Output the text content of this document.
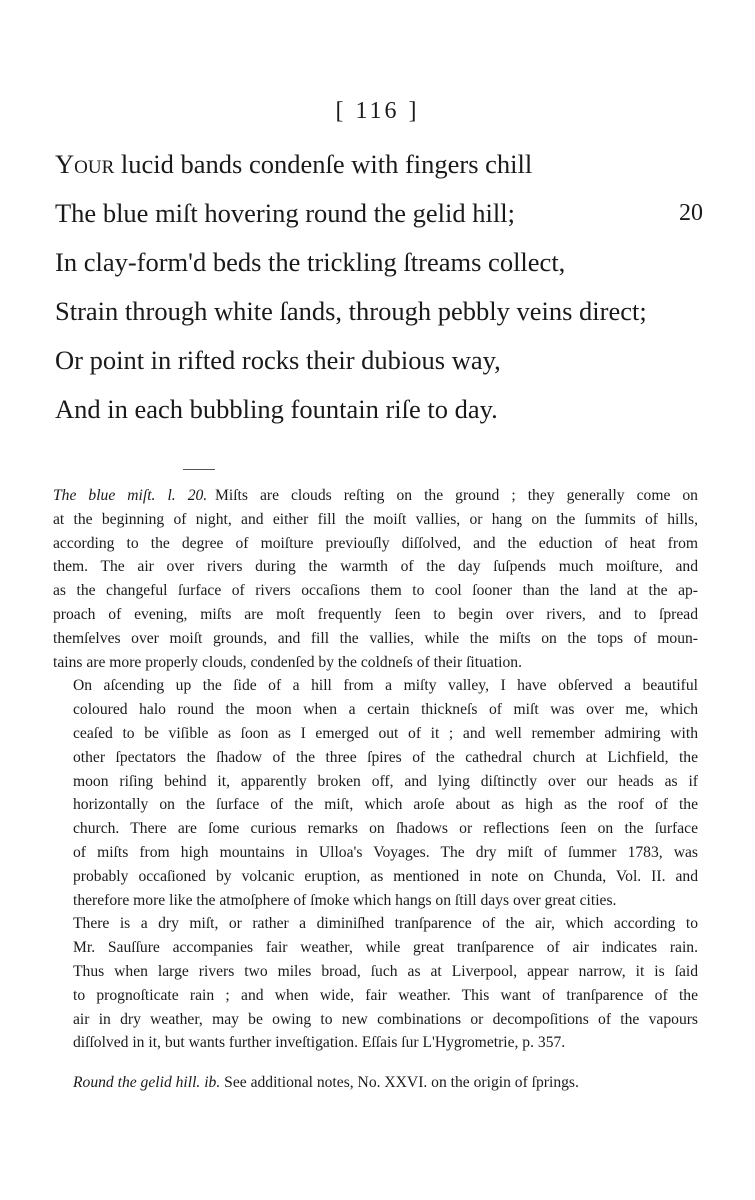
[ 116 ]
Your lucid bands condenſe with fingers chill
The blue miſt hovering round the gelid hill;	20
In clay-form'd beds the trickling ſtreams collect,
Strain through white ſands, through pebbly veins direct;
Or point in rifted rocks their dubious way,
And in each bubbling fountain riſe to day.

The blue miſt. l. 20.  Miſts are clouds reſting on the ground ; they generally come on
at the beginning of night, and either fill the moiſt vallies, or hang on the ſummits of hills,
according to the degree of moiſture previouſly diſſolved, and the eduction of heat from
them. The air over rivers during the warmth of the day ſuſpends much moiſture, and
as the changeful ſurface of rivers occaſions them to cool ſooner than the land at the ap-
proach of evening, miſts are moſt frequently ſeen to begin over rivers, and to ſpread
themſelves over moiſt grounds, and fill the vallies, while the miſts on the tops of moun-
tains are more properly clouds, condenſed by the coldneſs of their ſituation.

On aſcending up the ſide of a hill from a miſty valley, I have obſerved a beautiful
coloured halo round the moon when a certain thickneſs of miſt was over me, which
ceaſed to be viſible as ſoon as I emerged out of it ; and well remember admiring with
other ſpectators the ſhadow of the three ſpires of the cathedral church at Lichfield, the
moon riſing behind it, apparently broken off, and lying diſtinctly over our heads as if
horizontally on the ſurface of the miſt, which aroſe about as high as the roof of the
church. There are ſome curious remarks on ſhadows or reflections ſeen on the ſurface
of miſts from high mountains in Ulloa's Voyages. The dry miſt of ſummer 1783, was
probably occaſioned by volcanic eruption, as mentioned in note on Chunda, Vol. II. and
therefore more like the atmoſphere of ſmoke which hangs on ſtill days over great cities.

There is a dry miſt, or rather a diminiſhed tranſparence of the air, which according to
Mr. Sauſſure accompanies fair weather, while great tranſparence of air indicates rain.
Thus when large rivers two miles broad, ſuch as at Liverpool, appear narrow, it is ſaid
to prognoſticate rain ; and when wide, fair weather. This want of tranſparence of the
air in dry weather, may be owing to new combinations or decompoſitions of the vapours
diſſolved in it, but wants further inveſtigation. Eſſais ſur L'Hygrometrie, p. 357.

Round the gelid hill. ib. See additional notes, No. XXVI. on the origin of ſprings.
